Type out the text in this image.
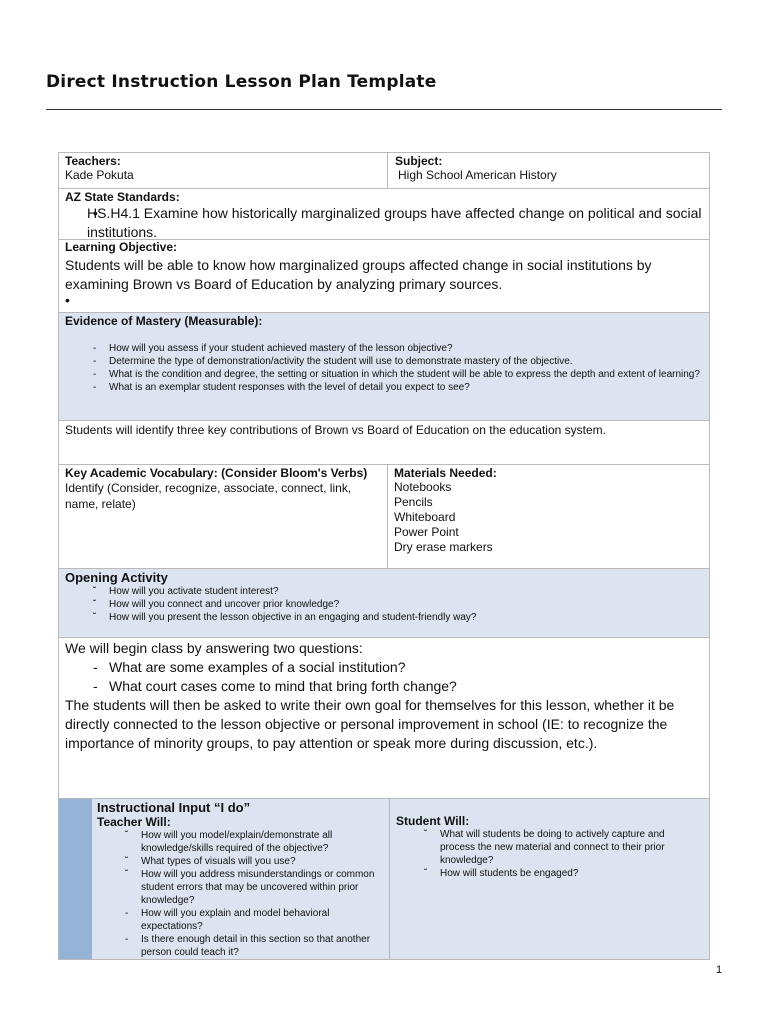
Direct Instruction Lesson Plan Template
Teachers:
Kade Pokuta
Subject:
High School American History
AZ State Standards:
• HS.H4.1 Examine how historically marginalized groups have affected change on political and social institutions.
Learning Objective:
Students will be able to know how marginalized groups affected change in social institutions by examining Brown vs Board of Education by analyzing primary sources.
•
Evidence of Mastery (Measurable):
- How will you assess if your student achieved mastery of the lesson objective?
- Determine the type of demonstration/activity the student will use to demonstrate mastery of the objective.
- What is the condition and degree, the setting or situation in which the student will be able to express the depth and extent of learning?
- What is an exemplar student responses with the level of detail you expect to see?
Students will identify three key contributions of Brown vs Board of Education on the education system.
Key Academic Vocabulary: (Consider Bloom's Verbs)
Identify (Consider, recognize, associate, connect, link, name, relate)
Materials Needed:
Notebooks
Pencils
Whiteboard
Power Point
Dry erase markers
Opening Activity
˘ How will you activate student interest?
˘ How will you connect and uncover prior knowledge?
˘ How will you present the lesson objective in an engaging and student-friendly way?
We will begin class by answering two questions:
- What are some examples of a social institution?
- What court cases come to mind that bring forth change?
The students will then be asked to write their own goal for themselves for this lesson, whether it be directly connected to the lesson objective or personal improvement in school (IE: to recognize the importance of minority groups, to pay attention or speak more during discussion, etc.).
Instructional Input “I do”
Teacher Will:
˘ How will you model/explain/demonstrate all knowledge/skills required of the objective?
˘ What types of visuals will you use?
˘ How will you address misunderstandings or common student errors that may be uncovered within prior knowledge?
- How will you explain and model behavioral expectations?
- Is there enough detail in this section so that another person could teach it?
Student Will:
˘ What will students be doing to actively capture and process the new material and connect to their prior knowledge?
˘ How will students be engaged?
1
